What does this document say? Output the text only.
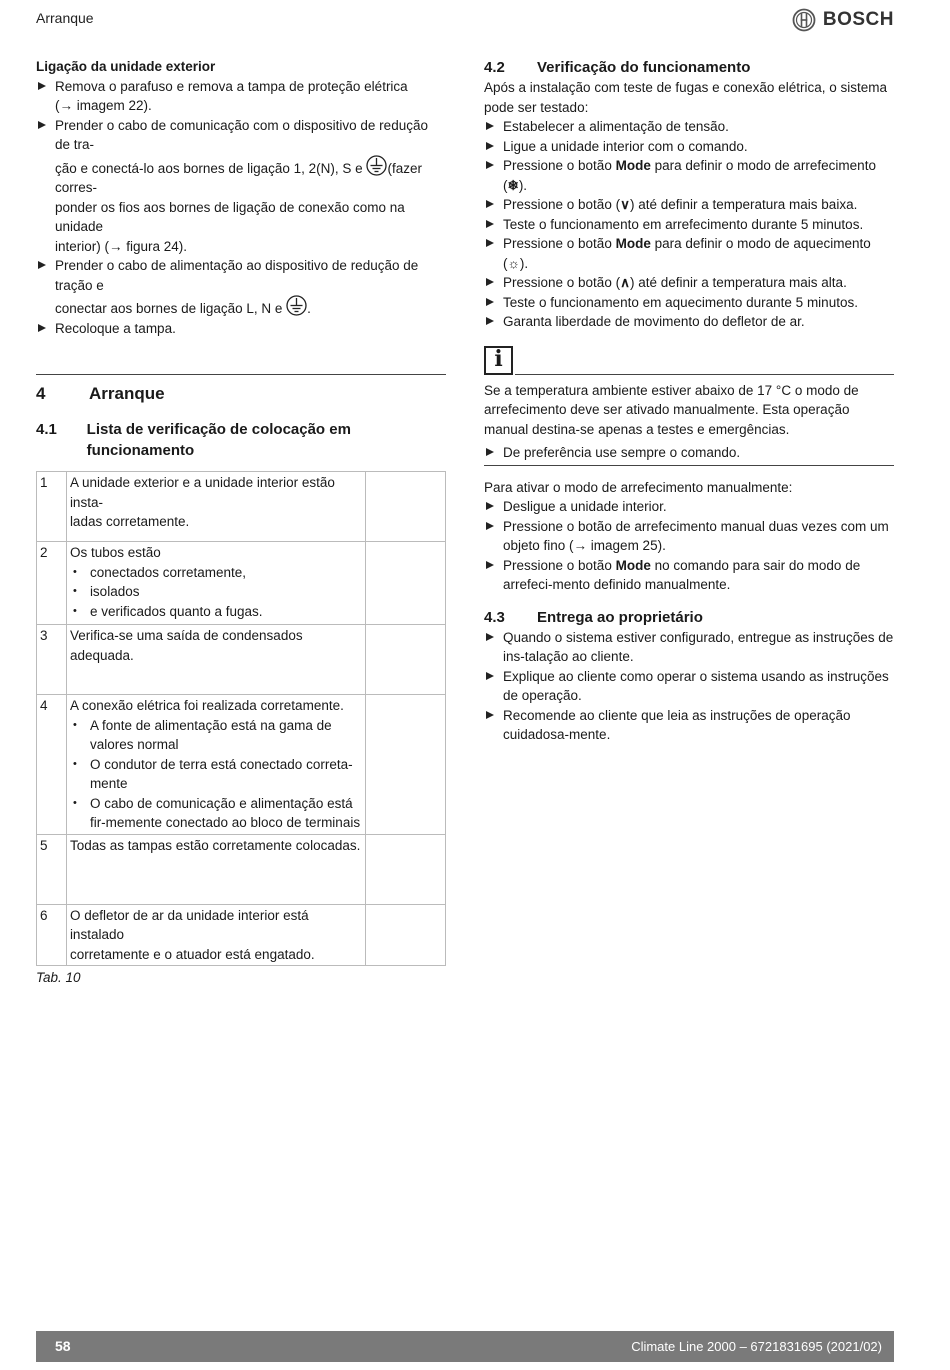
Arranque	BOSCH
Ligação da unidade exterior
Remova o parafuso e remova a tampa de proteção elétrica
(→ imagem 22).
Prender o cabo de comunicação com o dispositivo de redução de tra-
ção e conectá-lo aos bornes de ligação 1, 2(N), S e (fazer corres-
ponder os fios aos bornes de ligação de conexão como na unidade
interior) (→ figura 24).
Prender o cabo de alimentação ao dispositivo de redução de tração e
conectar aos bornes de ligação L, N e .
Recoloque a tampa.
4	Arranque
4.1	Lista de verificação de colocação em funcionamento
1	A unidade exterior e a unidade interior estão insta-
ladas corretamente.	

2	Os tubos estão
• conectados corretamente,
• isolados
• e verificados quanto a fugas.

3	Verifica-se uma saída de condensados adequada.	
4	A conexão elétrica foi realizada corretamente.
• A fonte de alimentação está na gama de valores normal
• O condutor de terra está conectado correta-mente
• O cabo de comunicação e alimentação está fir-memente conectado ao bloco de terminais

5	Todas as tampas estão corretamente colocadas.	
6	O defletor de ar da unidade interior está instalado
corretamente e o atuador está engatado.	

Tab. 10
4.2	Verificação do funcionamento
Após a instalação com teste de fugas e conexão elétrica, o sistema pode ser testado:
Estabelecer a alimentação de tensão.
Ligue a unidade interior com o comando.
Pressione o botão Mode para definir o modo de arrefecimento (❄).
Pressione o botão (∨) até definir a temperatura mais baixa.
Teste o funcionamento em arrefecimento durante 5 minutos.
Pressione o botão Mode para definir o modo de aquecimento (☼).
Pressione o botão (∧) até definir a temperatura mais alta.
Teste o funcionamento em aquecimento durante 5 minutos.
Garanta liberdade de movimento do defletor de ar.
i
Se a temperatura ambiente estiver abaixo de 17 °C o modo de arrefecimento deve ser ativado manualmente. Esta operação manual destina-se apenas a testes e emergências.
De preferência use sempre o comando.
Para ativar o modo de arrefecimento manualmente:
Desligue a unidade interior.
Pressione o botão de arrefecimento manual duas vezes com um objeto fino (→ imagem 25).
Pressione o botão Mode no comando para sair do modo de arrefeci-mento definido manualmente.
4.3	Entrega ao proprietário
Quando o sistema estiver configurado, entregue as instruções de ins-talação ao cliente.
Explique ao cliente como operar o sistema usando as instruções de operação.
Recomende ao cliente que leia as instruções de operação cuidadosa-mente.
58	Climate Line 2000 – 6721831695 (2021/02)
